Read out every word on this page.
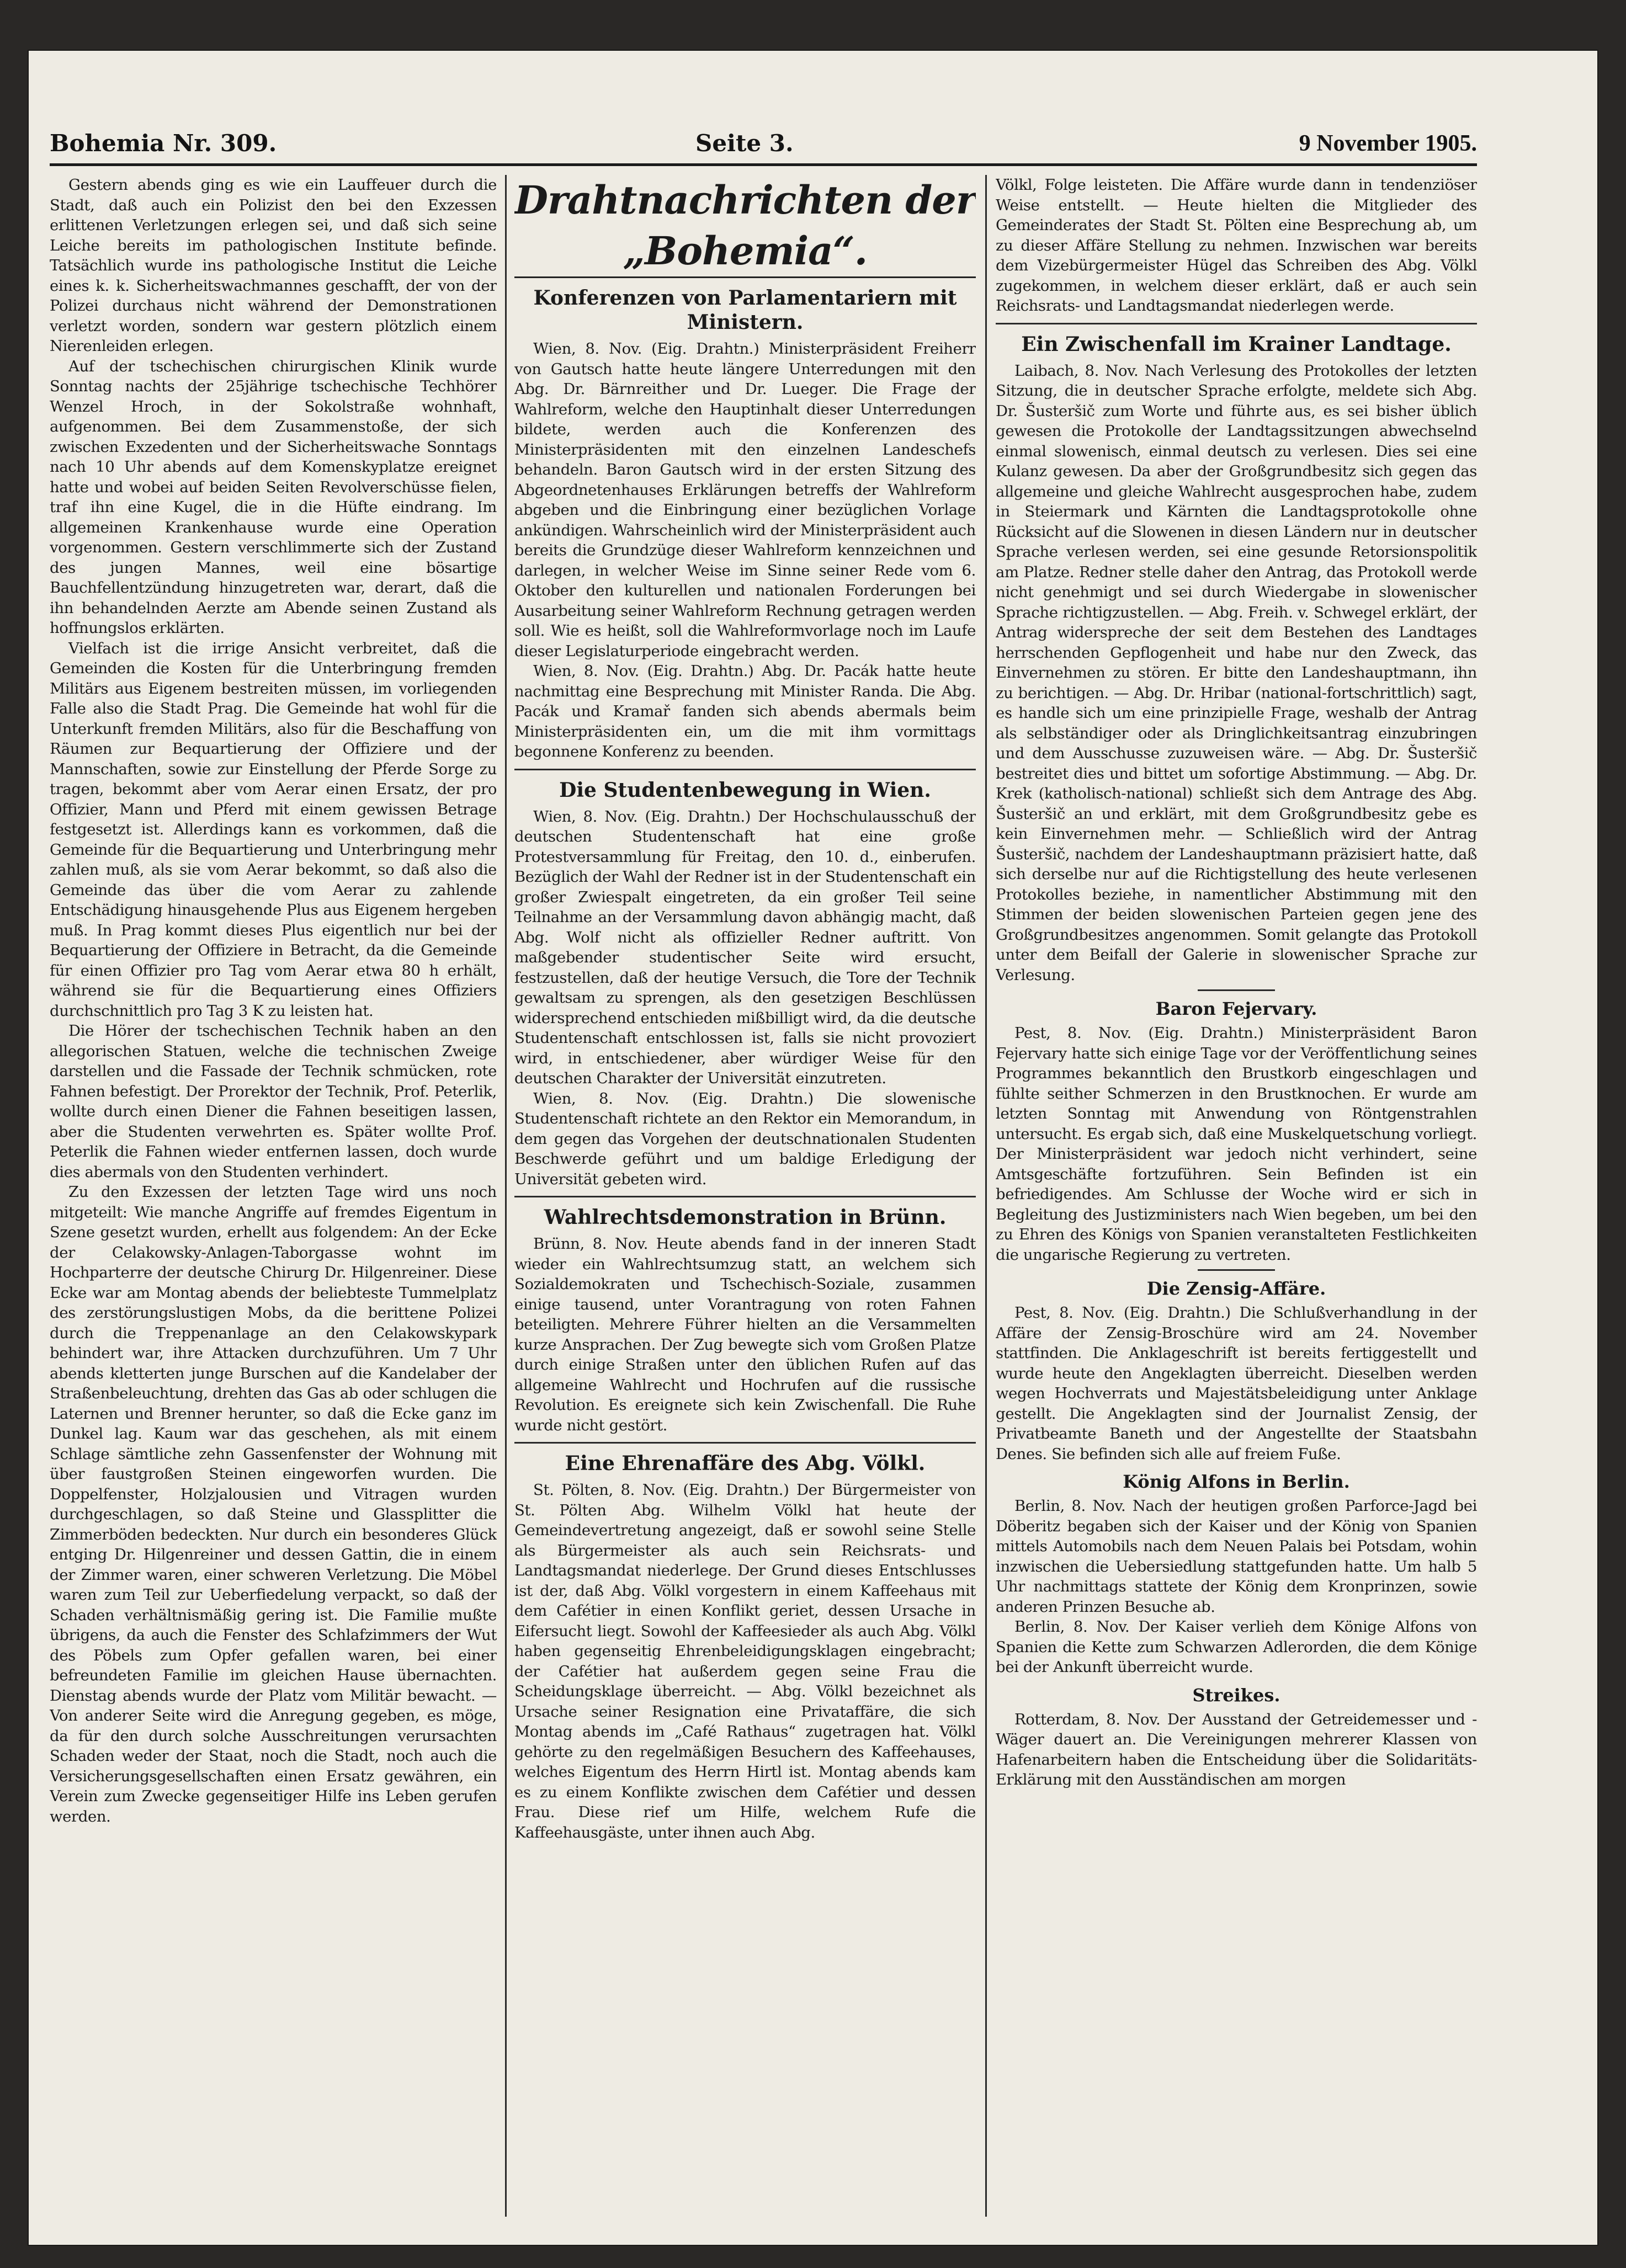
Bohemia Nr. 309.	Seite 3.	9 November 1905.

Gestern abends ging es wie ein Lauffeuer durch die Stadt, daß auch ein Polizist den bei den Exzessen erlittenen Verletzungen erlegen sei, und daß sich seine Leiche bereits im pathologischen Institute befinde. Tatsächlich wurde ins pathologische Institut die Leiche eines k. k. Sicherheitswachmannes geschafft, der von der Polizei durchaus nicht während der Demonstrationen verletzt worden, sondern war gestern plötzlich einem Nierenleiden erlegen.

Auf der tschechischen chirurgischen Klinik wurde Sonntag nachts der 25jährige tschechische Techhörer Wenzel Hroch, in der Sokolstraße wohnhaft, aufgenommen. Bei dem Zusammenstoße, der sich zwischen Exzedenten und der Sicherheitswache Sonntags nach 10 Uhr abends auf dem Komenskyplatze ereignet hatte und wobei auf beiden Seiten Revolverschüsse fielen, traf ihn eine Kugel, die in die Hüfte eindrang. Im allgemeinen Krankenhause wurde eine Operation vorgenommen. Gestern verschlimmerte sich der Zustand des jungen Mannes, weil eine bösartige Bauchfellentzündung hinzugetreten war, derart, daß die ihn behandelnden Aerzte am Abende seinen Zustand als hoffnungslos erklärten.

Vielfach ist die irrige Ansicht verbreitet, daß die Gemeinden die Kosten für die Unterbringung fremden Militärs aus Eigenem bestreiten müssen, im vorliegenden Falle also die Stadt Prag. Die Gemeinde hat wohl für die Unterkunft fremden Militärs, also für die Beschaffung von Räumen zur Bequartierung der Offiziere und der Mannschaften, sowie zur Einstellung der Pferde Sorge zu tragen, bekommt aber vom Aerar einen Ersatz, der pro Offizier, Mann und Pferd mit einem gewissen Betrage festgesetzt ist. Allerdings kann es vorkommen, daß die Gemeinde für die Bequartierung und Unterbringung mehr zahlen muß, als sie vom Aerar bekommt, so daß also die Gemeinde das über die vom Aerar zu zahlende Entschädigung hinausgehende Plus aus Eigenem hergeben muß. In Prag kommt dieses Plus eigentlich nur bei der Bequartierung der Offiziere in Betracht, da die Gemeinde für einen Offizier pro Tag vom Aerar etwa 80 h erhält, während sie für die Bequartierung eines Offiziers durchschnittlich pro Tag 3 K zu leisten hat.

Die Hörer der tschechischen Technik haben an den allegorischen Statuen, welche die technischen Zweige darstellen und die Fassade der Technik schmücken, rote Fahnen befestigt. Der Prorektor der Technik, Prof. Peterlik, wollte durch einen Diener die Fahnen beseitigen lassen, aber die Studenten verwehrten es. Später wollte Prof. Peterlik die Fahnen wieder entfernen lassen, doch wurde dies abermals von den Studenten verhindert.

Zu den Exzessen der letzten Tage wird uns noch mitgeteilt: Wie manche Angriffe auf fremdes Eigentum in Szene gesetzt wurden, erhellt aus folgendem: An der Ecke der Celakowsky-Anlagen-Taborgasse wohnt im Hochparterre der deutsche Chirurg Dr. Hilgenreiner. Diese Ecke war am Montag abends der beliebteste Tummelplatz des zerstörungslustigen Mobs, da die berittene Polizei durch die Treppenanlage an den Celakowskypark behindert war, ihre Attacken durchzuführen. Um 7 Uhr abends kletterten junge Burschen auf die Kandelaber der Straßenbeleuchtung, drehten das Gas ab oder schlugen die Laternen und Brenner herunter, so daß die Ecke ganz im Dunkel lag. Kaum war das geschehen, als mit einem Schlage sämtliche zehn Gassenfenster der Wohnung mit über faustgroßen Steinen eingeworfen wurden. Die Doppelfenster, Holzjalousien und Vitragen wurden durchgeschlagen, so daß Steine und Glassplitter die Zimmerböden bedeckten. Nur durch ein besonderes Glück entging Dr. Hilgenreiner und dessen Gattin, die in einem der Zimmer waren, einer schweren Verletzung. Die Möbel waren zum Teil zur Ueberfiedelung verpackt, so daß der Schaden verhältnismäßig gering ist. Die Familie mußte übrigens, da auch die Fenster des Schlafzimmers der Wut des Pöbels zum Opfer gefallen waren, bei einer befreundeten Familie im gleichen Hause übernachten. Dienstag abends wurde der Platz vom Militär bewacht. — Von anderer Seite wird die Anregung gegeben, es möge, da für den durch solche Ausschreitungen verursachten Schaden weder der Staat, noch die Stadt, noch auch die Versicherungsgesellschaften einen Ersatz gewähren, ein Verein zum Zwecke gegenseitiger Hilfe ins Leben gerufen werden.

Drahtnachrichten der „Bohemia“.
Konferenzen von Parlamentariern mit Ministern.

Wien, 8. Nov. (Eig. Drahtn.) Ministerpräsident Freiherr von Gautsch hatte heute längere Unterredungen mit den Abg. Dr. Bärnreither und Dr. Lueger. Die Frage der Wahlreform, welche den Hauptinhalt dieser Unterredungen bildete, werden auch die Konferenzen des Ministerpräsidenten mit den einzelnen Landeschefs behandeln. Baron Gautsch wird in der ersten Sitzung des Abgeordnetenhauses Erklärungen betreffs der Wahlreform abgeben und die Einbringung einer bezüglichen Vorlage ankündigen. Wahrscheinlich wird der Ministerpräsident auch bereits die Grundzüge dieser Wahlreform kennzeichnen und darlegen, in welcher Weise im Sinne seiner Rede vom 6. Oktober den kulturellen und nationalen Forderungen bei Ausarbeitung seiner Wahlreform Rechnung getragen werden soll. Wie es heißt, soll die Wahlreformvorlage noch im Laufe dieser Legislaturperiode eingebracht werden.

Wien, 8. Nov. (Eig. Drahtn.) Abg. Dr. Pacák hatte heute nachmittag eine Besprechung mit Minister Randa. Die Abg. Pacák und Kramař fanden sich abends abermals beim Ministerpräsidenten ein, um die mit ihm vormittags begonnene Konferenz zu beenden.

Die Studentenbewegung in Wien.

Wien, 8. Nov. (Eig. Drahtn.) Der Hochschulausschuß der deutschen Studentenschaft hat eine große Protestversammlung für Freitag, den 10. d., einberufen. Bezüglich der Wahl der Redner ist in der Studentenschaft ein großer Zwiespalt eingetreten, da ein großer Teil seine Teilnahme an der Versammlung davon abhängig macht, daß Abg. Wolf nicht als offizieller Redner auftritt. Von maßgebender studentischer Seite wird ersucht, festzustellen, daß der heutige Versuch, die Tore der Technik gewaltsam zu sprengen, als den gesetzigen Beschlüssen widersprechend entschieden mißbilligt wird, da die deutsche Studentenschaft entschlossen ist, falls sie nicht provoziert wird, in entschiedener, aber würdiger Weise für den deutschen Charakter der Universität einzutreten.

Wien, 8. Nov. (Eig. Drahtn.) Die slowenische Studentenschaft richtete an den Rektor ein Memorandum, in dem gegen das Vorgehen der deutschnationalen Studenten Beschwerde geführt und um baldige Erledigung der Universität gebeten wird.

Wahlrechtsdemonstration in Brünn.

Brünn, 8. Nov. Heute abends fand in der inneren Stadt wieder ein Wahlrechtsumzug statt, an welchem sich Sozialdemokraten und Tschechisch-Soziale, zusammen einige tausend, unter Vorantragung von roten Fahnen beteiligten. Mehrere Führer hielten an die Versammelten kurze Ansprachen. Der Zug bewegte sich vom Großen Platze durch einige Straßen unter den üblichen Rufen auf das allgemeine Wahlrecht und Hochrufen auf die russische Revolution. Es ereignete sich kein Zwischenfall. Die Ruhe wurde nicht gestört.

Eine Ehrenaffäre des Abg. Völkl.

St. Pölten, 8. Nov. (Eig. Drahtn.) Der Bürgermeister von St. Pölten Abg. Wilhelm Völkl hat heute der Gemeindevertretung angezeigt, daß er sowohl seine Stelle als Bürgermeister als auch sein Reichsrats- und Landtagsmandat niederlege. Der Grund dieses Entschlusses ist der, daß Abg. Völkl vorgestern in einem Kaffeehaus mit dem Cafétier in einen Konflikt geriet, dessen Ursache in Eifersucht liegt. Sowohl der Kaffeesieder als auch Abg. Völkl haben gegenseitig Ehrenbeleidigungsklagen eingebracht; der Cafétier hat außerdem gegen seine Frau die Scheidungsklage überreicht. — Abg. Völkl bezeichnet als Ursache seiner Resignation eine Privataffäre, die sich Montag abends im „Café Rathaus“ zugetragen hat. Völkl gehörte zu den regelmäßigen Besuchern des Kaffeehauses, welches Eigentum des Herrn Hirtl ist. Montag abends kam es zu einem Konflikte zwischen dem Cafétier und dessen Frau. Diese rief um Hilfe, welchem Rufe die Kaffeehausgäste, unter ihnen auch Abg.

Völkl, Folge leisteten. Die Affäre wurde dann in tendenziöser Weise entstellt. — Heute hielten die Mitglieder des Gemeinderates der Stadt St. Pölten eine Besprechung ab, um zu dieser Affäre Stellung zu nehmen. Inzwischen war bereits dem Vizebürgermeister Hügel das Schreiben des Abg. Völkl zugekommen, in welchem dieser erklärt, daß er auch sein Reichsrats- und Landtagsmandat niederlegen werde.

Ein Zwischenfall im Krainer Landtage.

Laibach, 8. Nov. Nach Verlesung des Protokolles der letzten Sitzung, die in deutscher Sprache erfolgte, meldete sich Abg. Dr. Šusteršič zum Worte und führte aus, es sei bisher üblich gewesen die Protokolle der Landtagssitzungen abwechselnd einmal slowenisch, einmal deutsch zu verlesen. Dies sei eine Kulanz gewesen. Da aber der Großgrundbesitz sich gegen das allgemeine und gleiche Wahlrecht ausgesprochen habe, zudem in Steiermark und Kärnten die Landtagsprotokolle ohne Rücksicht auf die Slowenen in diesen Ländern nur in deutscher Sprache verlesen werden, sei eine gesunde Retorsionspolitik am Platze. Redner stelle daher den Antrag, das Protokoll werde nicht genehmigt und sei durch Wiedergabe in slowenischer Sprache richtigzustellen. — Abg. Freih. v. Schwegel erklärt, der Antrag widerspreche der seit dem Bestehen des Landtages herrschenden Gepflogenheit und habe nur den Zweck, das Einvernehmen zu stören. Er bitte den Landeshauptmann, ihn zu berichtigen. — Abg. Dr. Hribar (national-fortschrittlich) sagt, es handle sich um eine prinzipielle Frage, weshalb der Antrag als selbständiger oder als Dringlichkeitsantrag einzubringen und dem Ausschusse zuzuweisen wäre. — Abg. Dr. Šusteršič bestreitet dies und bittet um sofortige Abstimmung. — Abg. Dr. Krek (katholisch-national) schließt sich dem Antrage des Abg. Šusteršič an und erklärt, mit dem Großgrundbesitz gebe es kein Einvernehmen mehr. — Schließlich wird der Antrag Šusteršič, nachdem der Landeshauptmann präzisiert hatte, daß sich derselbe nur auf die Richtigstellung des heute verlesenen Protokolles beziehe, in namentlicher Abstimmung mit den Stimmen der beiden slowenischen Parteien gegen jene des Großgrundbesitzes angenommen. Somit gelangte das Protokoll unter dem Beifall der Galerie in slowenischer Sprache zur Verlesung.

Baron Fejervary.

Pest, 8. Nov. (Eig. Drahtn.) Ministerpräsident Baron Fejervary hatte sich einige Tage vor der Veröffentlichung seines Programmes bekanntlich den Brustkorb eingeschlagen und fühlte seither Schmerzen in den Brustknochen. Er wurde am letzten Sonntag mit Anwendung von Röntgenstrahlen untersucht. Es ergab sich, daß eine Muskelquetschung vorliegt. Der Ministerpräsident war jedoch nicht verhindert, seine Amtsgeschäfte fortzuführen. Sein Befinden ist ein befriedigendes. Am Schlusse der Woche wird er sich in Begleitung des Justizministers nach Wien begeben, um bei den zu Ehren des Königs von Spanien veranstalteten Festlichkeiten die ungarische Regierung zu vertreten.

Die Zensig-Affäre.

Pest, 8. Nov. (Eig. Drahtn.) Die Schlußverhandlung in der Affäre der Zensig-Broschüre wird am 24. November stattfinden. Die Anklageschrift ist bereits fertiggestellt und wurde heute den Angeklagten überreicht. Dieselben werden wegen Hochverrats und Majestätsbeleidigung unter Anklage gestellt. Die Angeklagten sind der Journalist Zensig, der Privatbeamte Baneth und der Angestellte der Staatsbahn Denes. Sie befinden sich alle auf freiem Fuße.

König Alfons in Berlin.

Berlin, 8. Nov. Nach der heutigen großen Parforce-Jagd bei Döberitz begaben sich der Kaiser und der König von Spanien mittels Automobils nach dem Neuen Palais bei Potsdam, wohin inzwischen die Uebersiedlung stattgefunden hatte. Um halb 5 Uhr nachmittags stattete der König dem Kronprinzen, sowie anderen Prinzen Besuche ab.

Berlin, 8. Nov. Der Kaiser verlieh dem Könige Alfons von Spanien die Kette zum Schwarzen Adlerorden, die dem Könige bei der Ankunft überreicht wurde.

Streikes.

Rotterdam, 8. Nov. Der Ausstand der Getreidemesser und -Wäger dauert an. Die Vereinigungen mehrerer Klassen von Hafenarbeitern haben die Entscheidung über die Solidaritäts-Erklärung mit den Ausständischen am morgen
